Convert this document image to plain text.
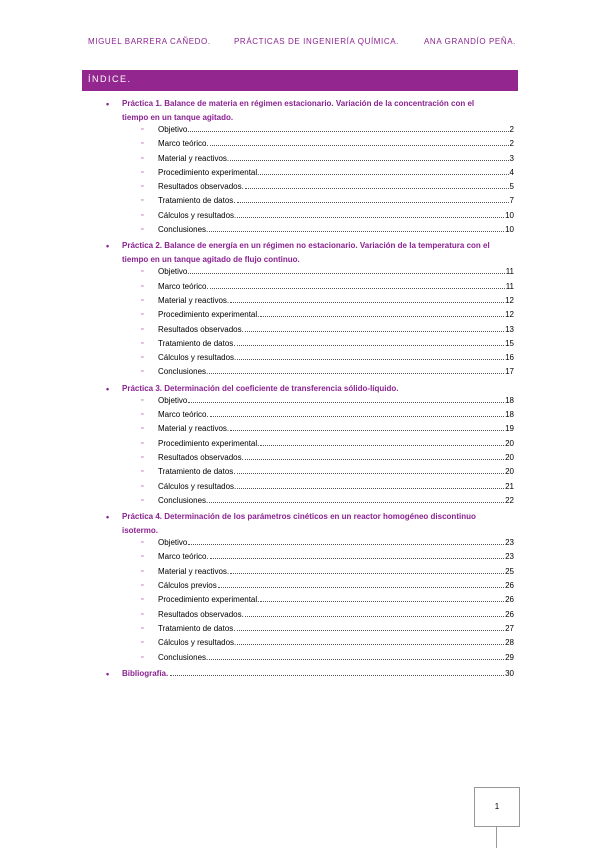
MIGUEL BARRERA CAÑEDO.	PRÁCTICAS DE INGENIERÍA QUÍMICA.	ANA GRANDÍO PEÑA.
ÍNDICE.
• Práctica 1. Balance de materia en régimen estacionario. Variación de la concentración con el
tiempo en un tanque agitado.
▫ Objetivo	2
▫ Marco teórico.	2
▫ Material y reactivos.	3
▫ Procedimiento experimental.	4
▫ Resultados observados.	5
▫ Tratamiento de datos.	7
▫ Cálculos y resultados.	10
▫ Conclusiones.	10
• Práctica 2. Balance de energía en un régimen no estacionario. Variación de la temperatura con el
tiempo en un tanque agitado de flujo continuo.
▫ Objetivo	11
▫ Marco teórico.	11
▫ Material y reactivos.	12
▫ Procedimiento experimental.	12
▫ Resultados observados.	13
▫ Tratamiento de datos.	15
▫ Cálculos y resultados.	16
▫ Conclusiones.	17
• Práctica 3. Determinación del coeficiente de transferencia sólido-líquido.
▫ Objetivo	18
▫ Marco teórico.	18
▫ Material y reactivos.	19
▫ Procedimiento experimental.	20
▫ Resultados observados.	20
▫ Tratamiento de datos.	20
▫ Cálculos y resultados.	21
▫ Conclusiones.	22
• Práctica 4. Determinación de los parámetros cinéticos en un reactor homogéneo discontinuo
isotermo.
▫ Objetivo	23
▫ Marco teórico.	23
▫ Material y reactivos.	25
▫ Cálculos previos	26
▫ Procedimiento experimental.	26
▫ Resultados observados.	26
▫ Tratamiento de datos.	27
▫ Cálculos y resultados.	28
▫ Conclusiones.	29
• Bibliografía.	30
1
